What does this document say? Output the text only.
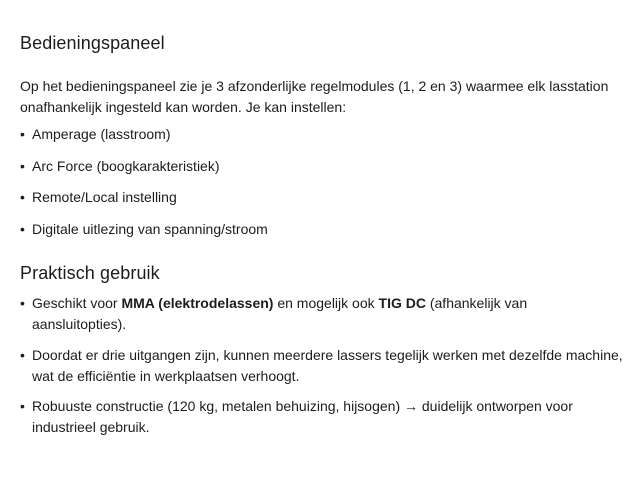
Bedieningspaneel

Op het bedieningspaneel zie je 3 afzonderlijke regelmodules (1, 2 en 3) waarmee elk lasstation onafhankelijk ingesteld kan worden. Je kan instellen:

• Amperage (lasstroom)
• Arc Force (boogkarakteristiek)
• Remote/Local instelling
• Digitale uitlezing van spanning/stroom
Praktisch gebruik
• Geschikt voor MMA (elektrodelassen) en mogelijk ook TIG DC (afhankelijk van aansluitopties).
• Doordat er drie uitgangen zijn, kunnen meerdere lassers tegelijk werken met dezelfde machine, wat de efficiëntie in werkplaatsen verhoogt.
• Robuuste constructie (120 kg, metalen behuizing, hijsogen) → duidelijk ontworpen voor industrieel gebruik.
